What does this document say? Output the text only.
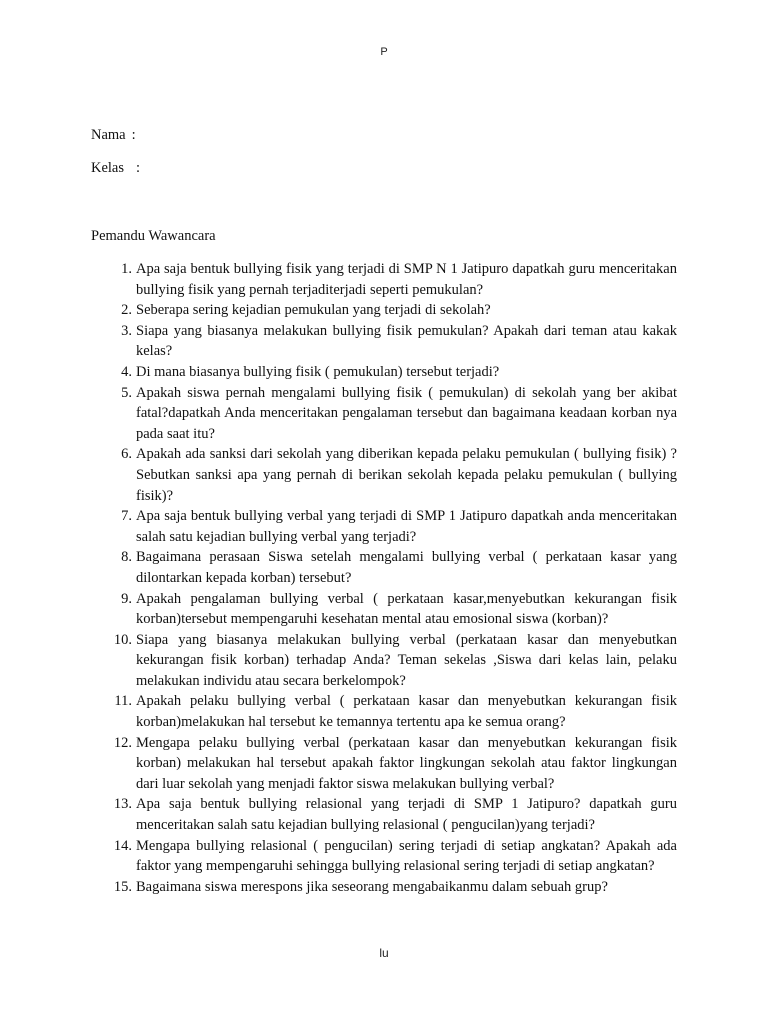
P
Nama :
Kelas :
Pemandu Wawancara
1. Apa saja bentuk bullying fisik yang terjadi di SMP N 1 Jatipuro dapatkah guru menceritakan bullying fisik yang pernah terjaditerjadi seperti pemukulan?
2. Seberapa sering kejadian pemukulan yang terjadi di sekolah?
3. Siapa yang biasanya melakukan bullying fisik pemukulan? Apakah dari teman atau kakak kelas?
4. Di mana biasanya bullying fisik ( pemukulan) tersebut terjadi?
5. Apakah siswa pernah mengalami bullying fisik ( pemukulan) di sekolah yang ber akibat fatal?dapatkah Anda menceritakan pengalaman tersebut dan bagaimana keadaan korban nya pada saat itu?
6. Apakah ada sanksi dari sekolah yang diberikan kepada pelaku pemukulan ( bullying fisik) ? Sebutkan sanksi apa yang pernah di berikan sekolah kepada pelaku pemukulan ( bullying fisik)?
7. Apa saja bentuk bullying verbal yang terjadi di SMP 1 Jatipuro dapatkah anda menceritakan salah satu kejadian bullying verbal yang terjadi?
8. Bagaimana perasaan Siswa setelah mengalami bullying verbal ( perkataan kasar yang dilontarkan kepada korban) tersebut?
9. Apakah pengalaman bullying verbal ( perkataan kasar,menyebutkan kekurangan fisik korban)tersebut mempengaruhi kesehatan mental atau emosional siswa (korban)?
10. Siapa yang biasanya melakukan bullying verbal (perkataan kasar dan menyebutkan kekurangan fisik korban) terhadap Anda? Teman sekelas ,Siswa dari kelas lain, pelaku melakukan individu atau secara berkelompok?
11. Apakah pelaku bullying verbal ( perkataan kasar dan menyebutkan kekurangan fisik korban)melakukan hal tersebut ke temannya tertentu apa ke semua orang?
12. Mengapa pelaku bullying verbal (perkataan kasar dan menyebutkan kekurangan fisik korban) melakukan hal tersebut apakah faktor lingkungan sekolah atau faktor lingkungan dari luar sekolah yang menjadi faktor siswa melakukan bullying verbal?
13. Apa saja bentuk bullying relasional yang terjadi di SMP 1 Jatipuro? dapatkah guru menceritakan salah satu kejadian bullying relasional ( pengucilan)yang terjadi?
14. Mengapa bullying relasional ( pengucilan) sering terjadi di setiap angkatan? Apakah ada faktor yang mempengaruhi sehingga bullying relasional sering terjadi di setiap angkatan?
15. Bagaimana siswa merespons jika seseorang mengabaikanmu dalam sebuah grup?
lu
